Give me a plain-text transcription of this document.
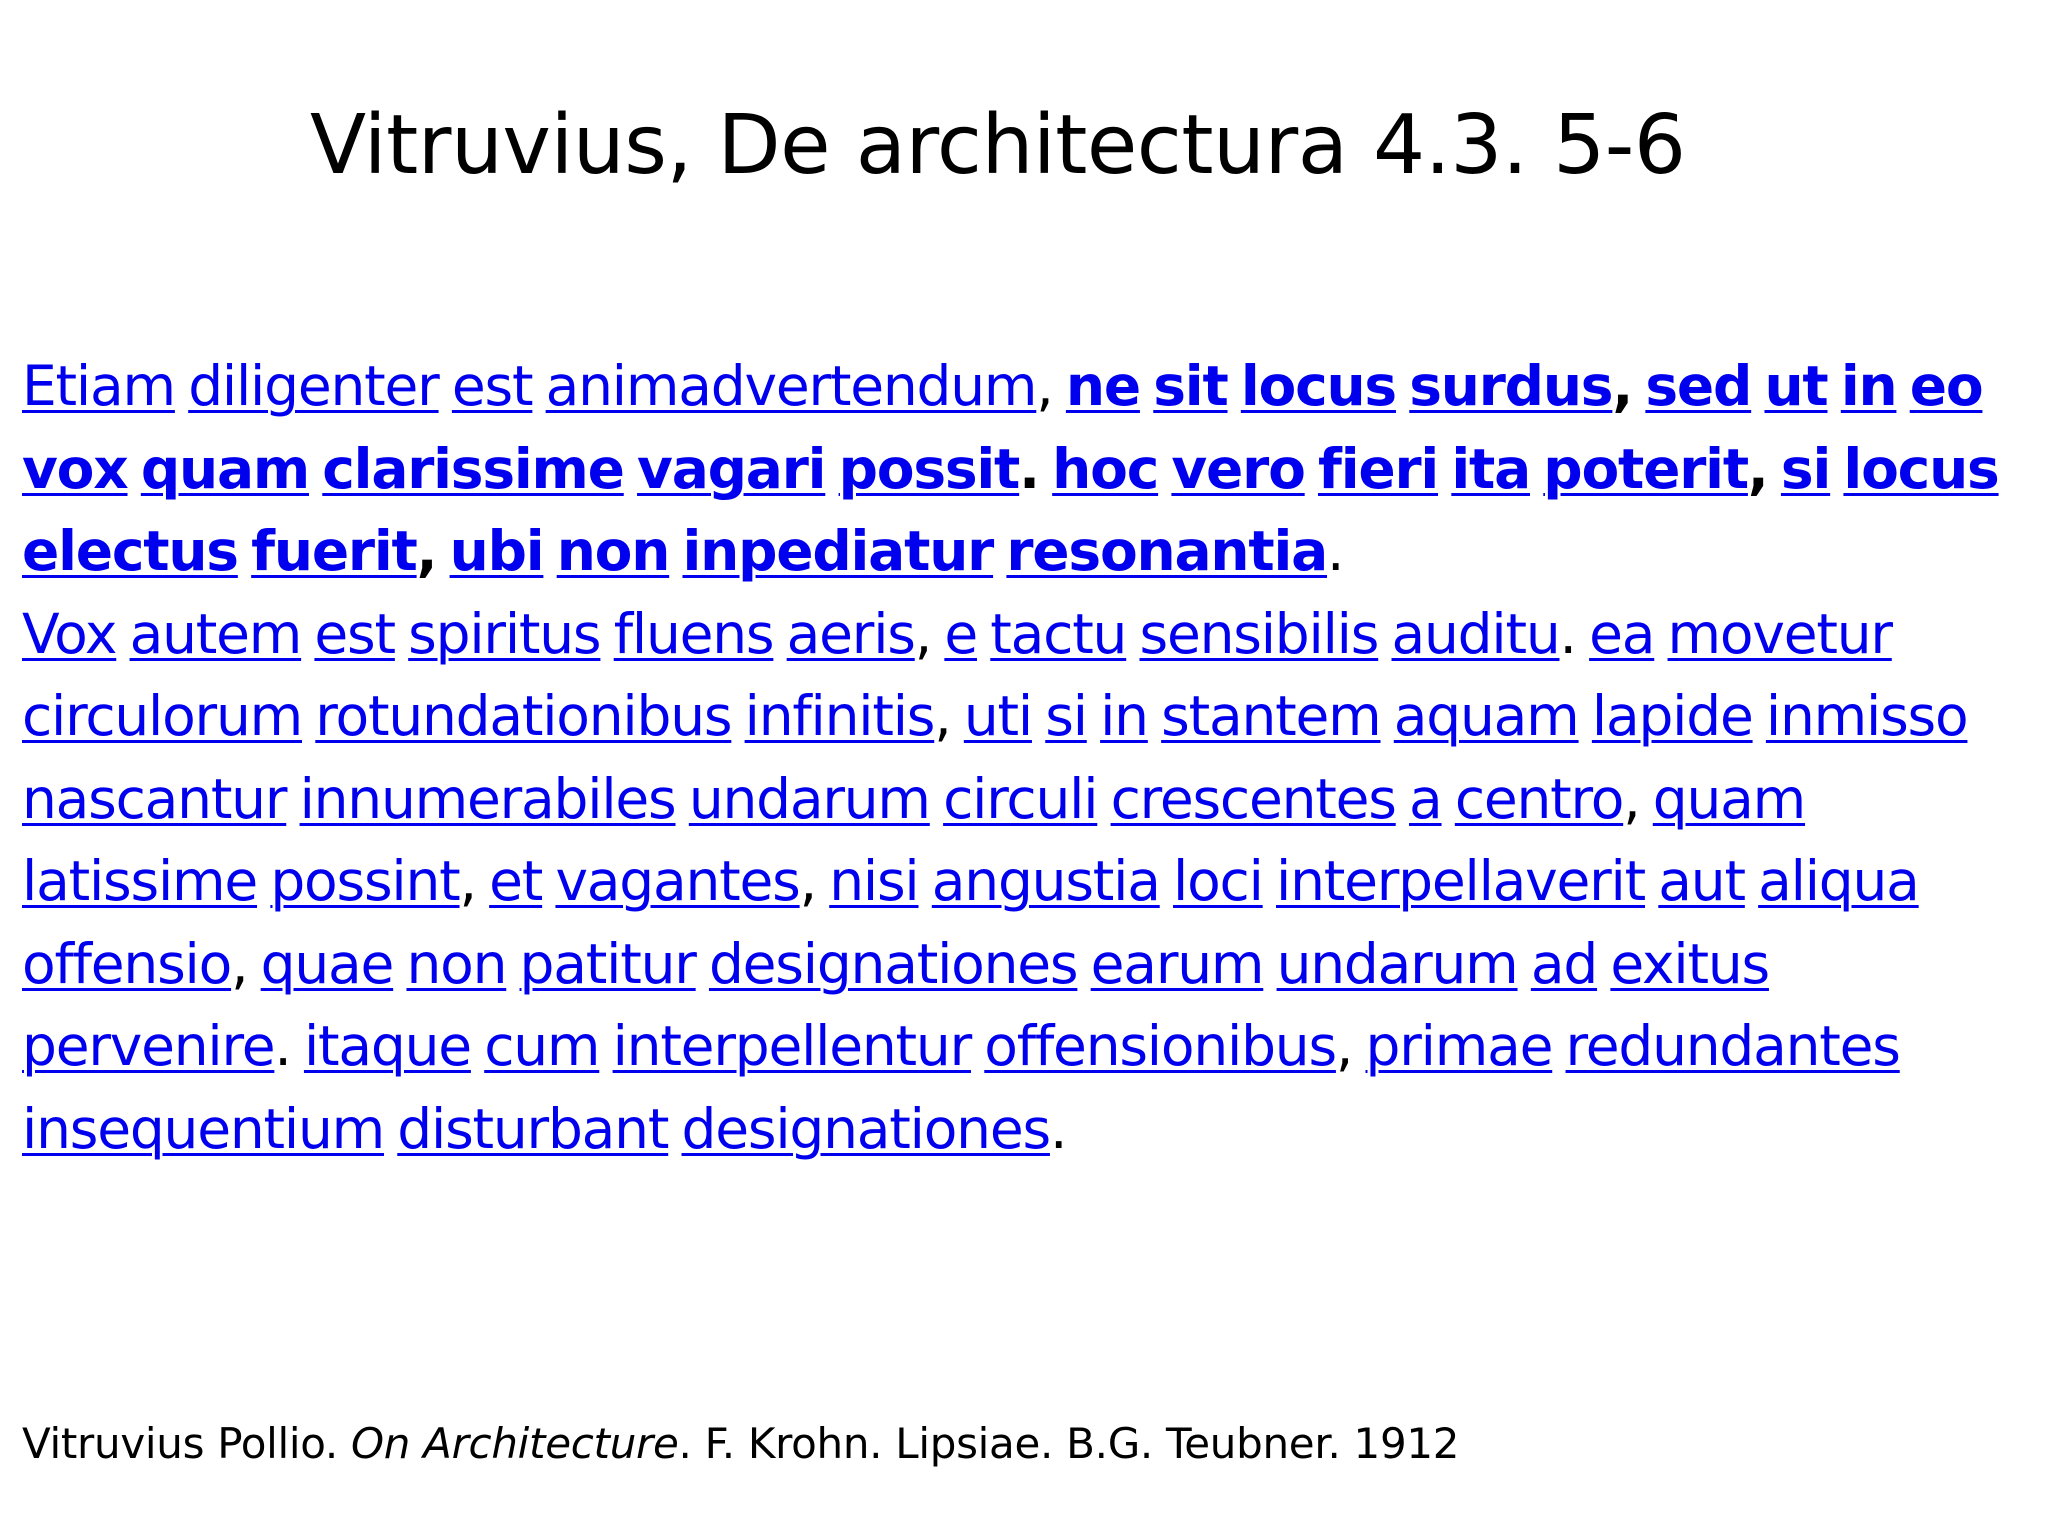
Vitruvius, De architectura 4.3. 5-6

Etiam diligenter est animadvertendum, ne sit locus surdus, sed ut in eo vox quam clarissime vagari possit. hoc vero fieri ita poterit, si locus electus fuerit, ubi non inpediatur resonantia.

Vox autem est spiritus fluens aeris, e tactu sensibilis auditu. ea movetur circulorum rotundationibus infinitis, uti si in stantem aquam lapide inmisso nascantur innumerabiles undarum circuli crescentes a centro, quam latissime possint, et vagantes, nisi angustia loci interpellaverit aut aliqua offensio, quae non patitur designationes earum undarum ad exitus pervenire. itaque cum interpellentur offensionibus, primae redundantes insequentium disturbant designationes.

Vitruvius Pollio. On Architecture. F. Krohn. Lipsiae. B.G. Teubner. 1912
